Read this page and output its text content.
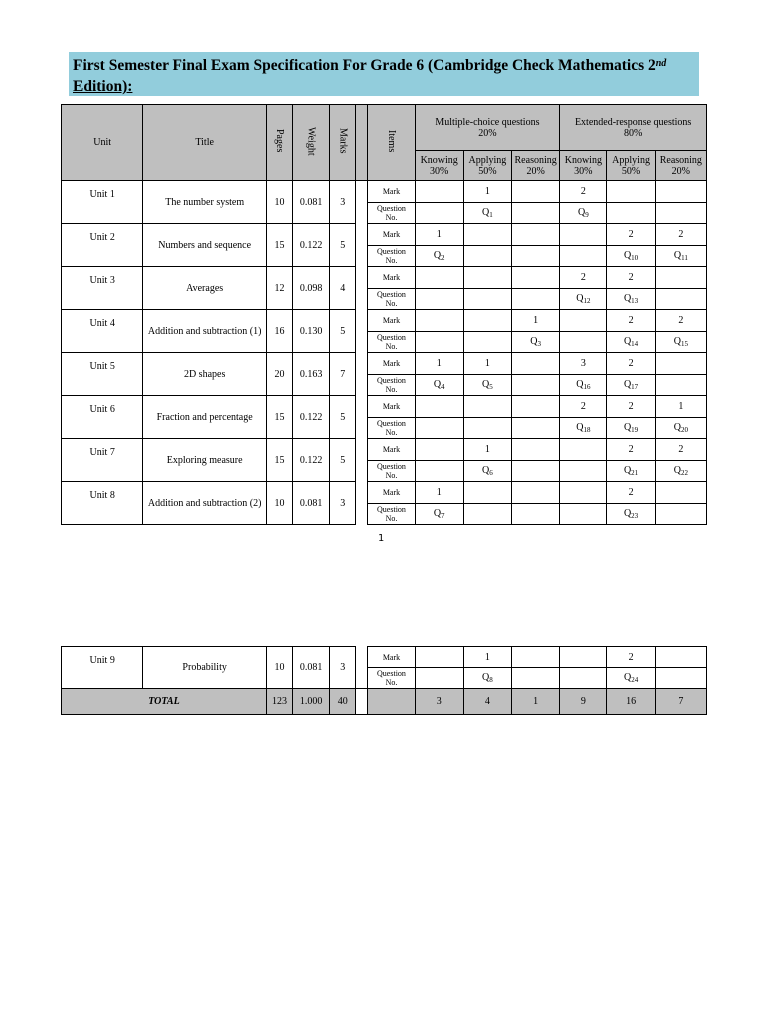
First Semester Final Exam Specification For Grade 6 (Cambridge Check Mathematics 2nd
Edition):
Unit	Title	Pages	Weight	Marks		Items	Multiple-choice questions
20%			Extended-response questions
80%		
							Knowing
30%	Applying
50%	Reasoning
20%	Knowing
30%	Applying
50%	Reasoning
20%
Unit 1	The number system	10	0.081	3		Mark		1		2		
						Question
No.		$Q_1$		$Q_9$		
Unit 2	Numbers and sequence	15	0.122	5		Mark	1				2	2
						Question
No.	$Q_2$				$Q_{10}$	$Q_{11}$
Unit 3	Averages	12	0.098	4		Mark				2	2	
						Question
No.				$Q_{12}$	$Q_{13}$	
Unit 4	Addition and subtraction (1)	16	0.130	5		Mark			1		2	2
						Question
No.			$Q_3$		$Q_{14}$	$Q_{15}$
Unit 5	2D shapes	20	0.163	7		Mark	1	1		3	2	
						Question
No.	$Q_4$	$Q_5$		$Q_{16}$	$Q_{17}$	
Unit 6	Fraction and percentage	15	0.122	5		Mark				2	2	1
						Question
No.				$Q_{18}$	$Q_{19}$	$Q_{20}$
Unit 7	Exploring measure	15	0.122	5		Mark		1			2	2
						Question
No.		$Q_6$			$Q_{21}$	$Q_{22}$
Unit 8	Addition and subtraction (2)	10	0.081	3		Mark	1				2	
						Question
No.	$Q_7$				$Q_{23}$	
1
Unit 9	Probability	10	0.081	3		Mark		1			2	
						Question
No.		$Q_8$			$Q_{24}$	
TOTAL		123	1.000	40			3	4	1	9	16	7
